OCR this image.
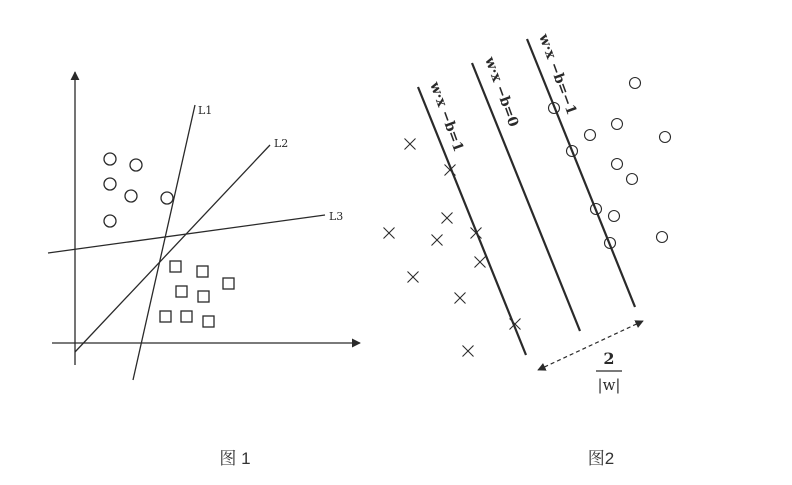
L1
L2
L3
w·x −b=1 w·x −b=0 w·x −b=−1
2
|w|
图 1	图2
